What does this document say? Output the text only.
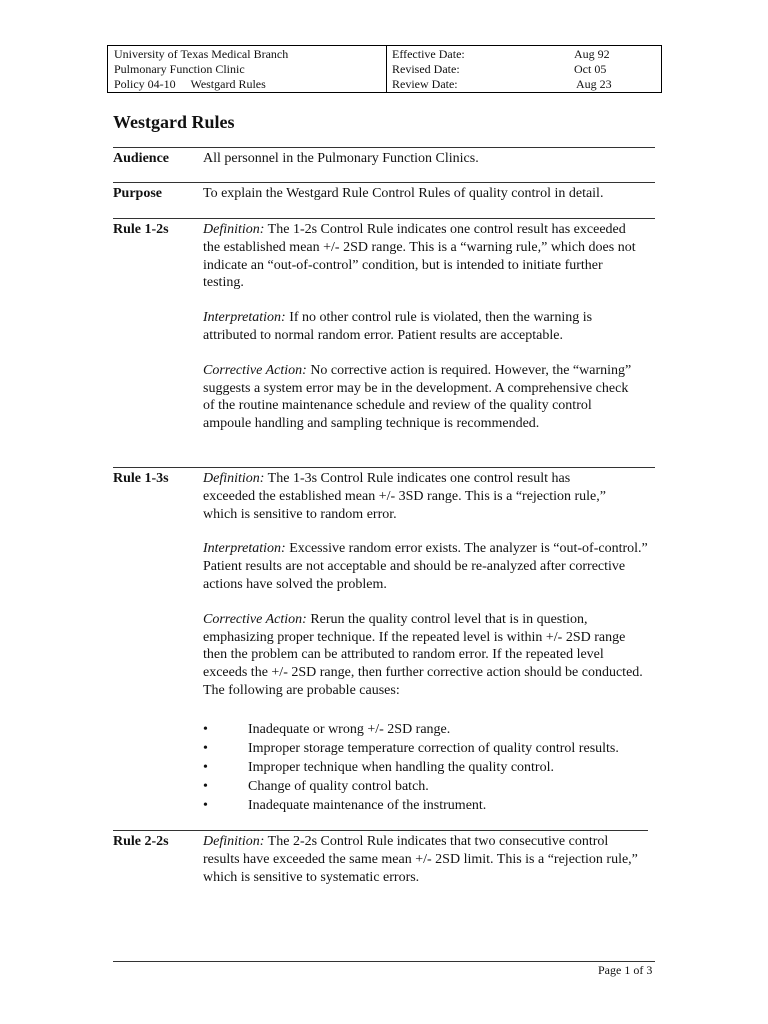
University of Texas Medical Branch	Effective Date:	Aug 92
Pulmonary Function Clinic	Revised Date:	Oct 05
Policy 04-10     Westgard Rules	Review Date:	Aug 23
Westgard Rules
Audience All personnel in the Pulmonary Function Clinics.

Purpose	To explain the Westgard Rule Control Rules of quality control in detail.

Rule 1-2s Definition: The 1-2s Control Rule indicates one control result has exceeded the established mean +/- 2SD range. This is a “warning rule,” which does not indicate an “out-of-control” condition, but is intended to initiate further testing.

Interpretation: If no other control rule is violated, then the warning is attributed to normal random error. Patient results are acceptable.

Corrective Action: No corrective action is required. However, the “warning” suggests a system error may be in the development. A comprehensive check of the routine maintenance schedule and review of the quality control ampoule handling and sampling technique is recommended.

Rule 1-3s Definition: The 1-3s Control Rule indicates one control result has exceeded the established mean +/- 3SD range. This is a “rejection rule,” which is sensitive to random error.

Interpretation: Excessive random error exists. The analyzer is “out-of-control.” Patient results are not acceptable and should be re-analyzed after corrective actions have solved the problem.

Corrective Action: Rerun the quality control level that is in question, emphasizing proper technique. If the repeated level is within +/- 2SD range then the problem can be attributed to random error. If the repeated level exceeds the +/- 2SD range, then further corrective action should be conducted. The following are probable causes:

•	Inadequate or wrong +/- 2SD range.
•	Improper storage temperature correction of quality control results.
•	Improper technique when handling the quality control.
•	Change of quality control batch.
•	Inadequate maintenance of the instrument.
Rule 2-2s Definition: The 2-2s Control Rule indicates that two consecutive control results have exceeded the same mean +/- 2SD limit. This is a “rejection rule,” which is sensitive to systematic errors.

Page 1 of 3
